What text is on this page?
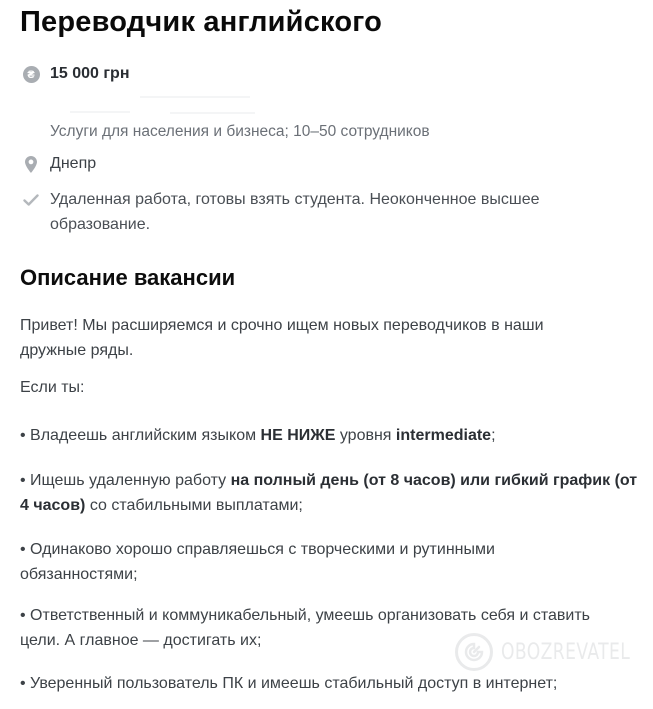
Переводчик английского
₴ 15 000 грн
Услуги для населения и бизнеса; 10–50 сотрудников
Днепр
Удаленная работа, готовы взять студента. Неоконченное высшее образование.
Описание вакансии

Привет! Мы расширяемся и срочно ищем новых переводчиков в наши дружные ряды.

Если ты:

• Владеешь английским языком НЕ НИЖЕ уровня intermediate;

• Ищешь удаленную работу на полный день (от 8 часов) или гибкий график (от 4 часов) со стабильными выплатами;

• Одинаково хорошо справляешься с творческими и рутинными обязанностями;

• Ответственный и коммуникабельный, умеешь организовать себя и ставить цели. А главное — достигать их;

• Уверенный пользователь ПК и имеешь стабильный доступ в интернет;

OBOZREVATEL
